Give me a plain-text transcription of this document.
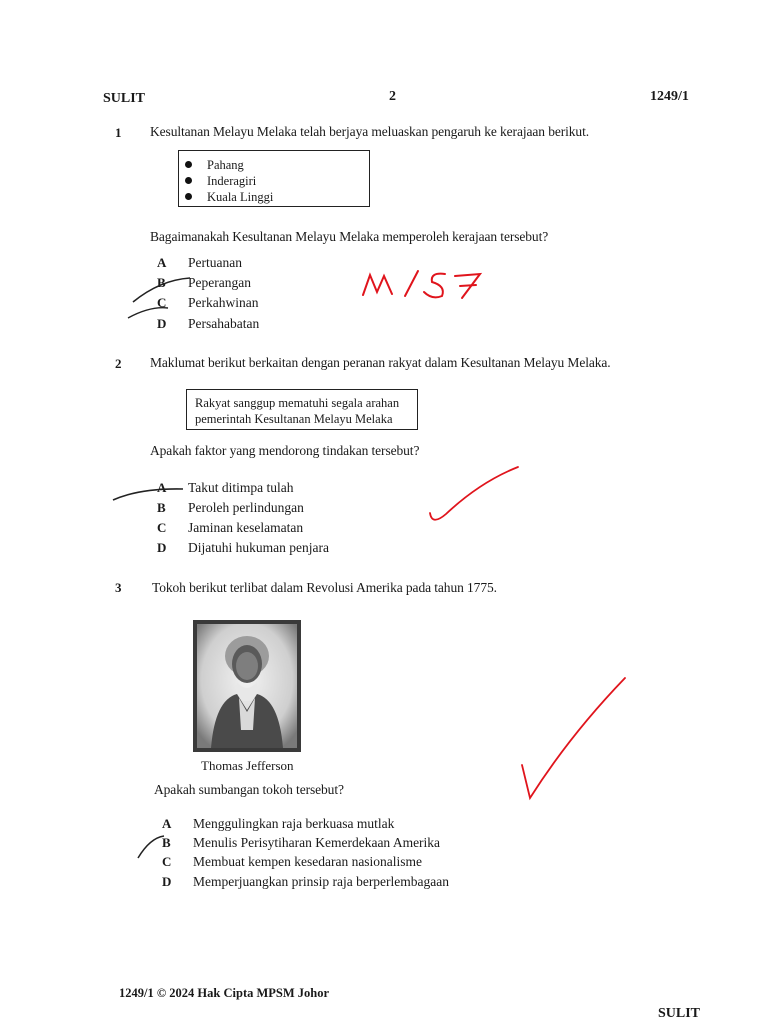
SULIT	2	1249/1
1 Kesultanan Melayu Melaka telah berjaya meluaskan pengaruh ke kerajaan berikut.
Pahang
Inderagiri
Kuala Linggi
Bagaimanakah Kesultanan Melayu Melaka memperoleh kerajaan tersebut?
A Pertuanan
B Peperangan
C Perkahwinan
D Persahabatan
2 Maklumat berikut berkaitan dengan peranan rakyat dalam Kesultanan Melayu Melaka.
Rakyat sanggup mematuhi segala arahan pemerintah Kesultanan Melayu Melaka
Apakah faktor yang mendorong tindakan tersebut?
A Takut ditimpa tulah
B Peroleh perlindungan
C Jaminan keselamatan
D Dijatuhi hukuman penjara
3 Tokoh berikut terlibat dalam Revolusi Amerika pada tahun 1775.
Thomas Jefferson
Apakah sumbangan tokoh tersebut?
A Menggulingkan raja berkuasa mutlak
B Menulis Perisytiharan Kemerdekaan Amerika
C Membuat kempen kesedaran nasionalisme
D Memperjuangkan prinsip raja berperlembagaan
1249/1 © 2024 Hak Cipta MPSM Johor
SULIT
